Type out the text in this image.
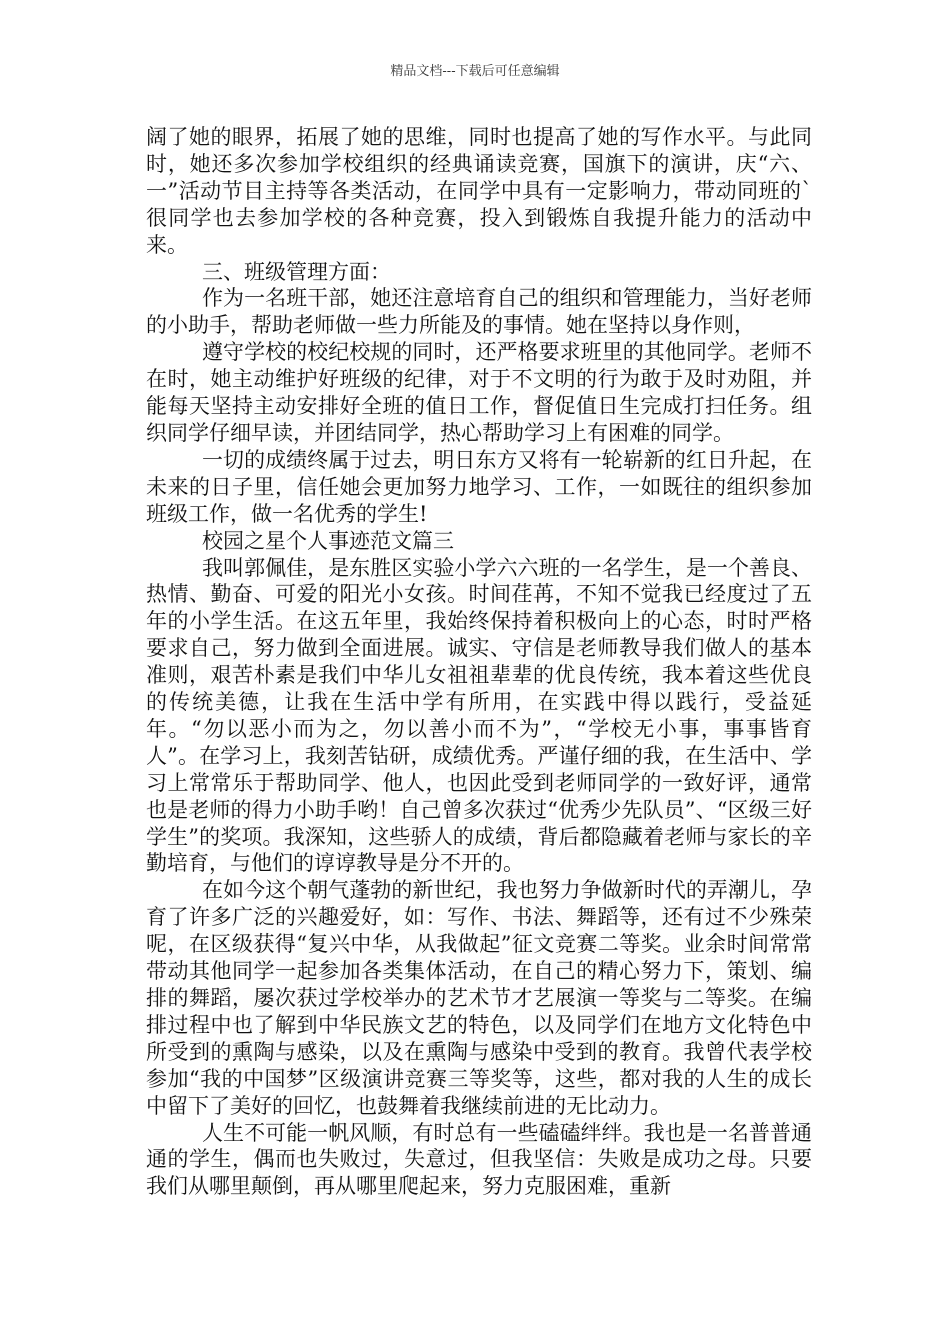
精品文档---下载后可任意编辑

阔了她的眼界，拓展了她的思维，同时也提高了她的写作水平。与此同时，她还多次参加学校组织的经典诵读竞赛，国旗下的演讲，庆“六、一”活动节目主持等各类活动，在同学中具有一定影响力，带动同班的`很同学也去参加学校的各种竞赛，投入到锻炼自我提升能力的活动中来。

三、班级管理方面：

作为一名班干部，她还注意培育自己的组织和管理能力，当好老师的小助手，帮助老师做一些力所能及的事情。她在坚持以身作则，

遵守学校的校纪校规的同时，还严格要求班里的其他同学。老师不在时，她主动维护好班级的纪律，对于不文明的行为敢于及时劝阻，并能每天坚持主动安排好全班的值日工作，督促值日生完成打扫任务。组织同学仔细早读，并团结同学，热心帮助学习上有困难的同学。

一切的成绩终属于过去，明日东方又将有一轮崭新的红日升起，在未来的日子里，信任她会更加努力地学习、工作，一如既往的组织参加班级工作，做一名优秀的学生!

校园之星个人事迹范文篇三

我叫郭佩佳，是东胜区实验小学六六班的一名学生，是一个善良、热情、勤奋、可爱的阳光小女孩。时间荏苒，不知不觉我已经度过了五年的小学生活。在这五年里，我始终保持着积极向上的心态，时时严格要求自己，努力做到全面进展。诚实、守信是老师教导我们做人的基本准则，艰苦朴素是我们中华儿女祖祖辈辈的优良传统，我本着这些优良的传统美德，让我在生活中学有所用，在实践中得以践行，受益延年。“勿以恶小而为之，勿以善小而不为”，“学校无小事，事事皆育人”。在学习上，我刻苦钻研，成绩优秀。严谨仔细的我，在生活中、学习上常常乐于帮助同学、他人，也因此受到老师同学的一致好评，通常也是老师的得力小助手哟！自己曾多次获过“优秀少先队员”、“区级三好学生”的奖项。我深知，这些骄人的成绩，背后都隐藏着老师与家长的辛勤培育，与他们的谆谆教导是分不开的。

在如今这个朝气蓬勃的新世纪，我也努力争做新时代的弄潮儿，孕育了许多广泛的兴趣爱好，如：写作、书法、舞蹈等，还有过不少殊荣呢，在区级获得“复兴中华，从我做起”征文竞赛二等奖。业余时间常常带动其他同学一起参加各类集体活动，在自己的精心努力下，策划、编排的舞蹈，屡次获过学校举办的艺术节才艺展演一等奖与二等奖。在编排过程中也了解到中华民族文艺的特色，以及同学们在地方文化特色中所受到的熏陶与感染，以及在熏陶与感染中受到的教育。我曾代表学校参加“我的中国梦”区级演讲竞赛三等奖等，这些，都对我的人生的成长中留下了美好的回忆，也鼓舞着我继续前进的无比动力。

人生不可能一帆风顺，有时总有一些磕磕绊绊。我也是一名普普通通的学生，偶而也失败过，失意过，但我坚信：失败是成功之母。只要我们从哪里颠倒，再从哪里爬起来，努力克服困难，重新
